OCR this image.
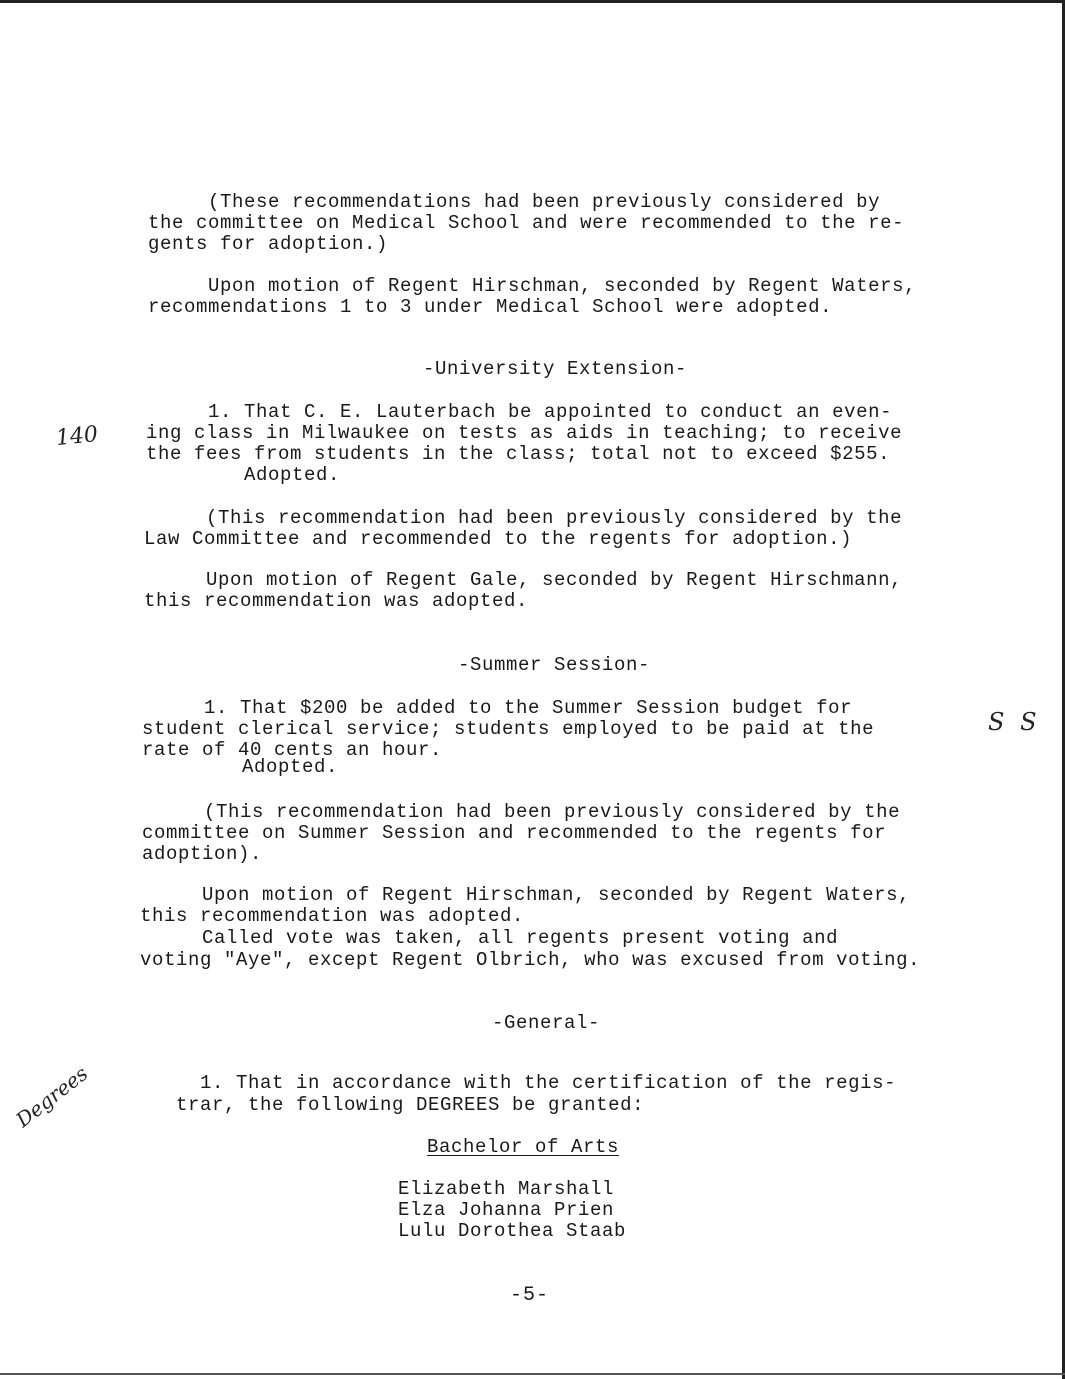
(These recommendations had been previously considered by
the committee on Medical School and were recommended to the re-
gents for adoption.)
Upon motion of Regent Hirschman, seconded by Regent Waters,
recommendations 1 to 3 under Medical School were adopted.
-University Extension-
1. That C. E. Lauterbach be appointed to conduct an even-
ing class in Milwaukee on tests as aids in teaching; to receive
the fees from students in the class; total not to exceed $255.
Adopted.
(This recommendation had been previously considered by the
Law Committee and recommended to the regents for adoption.)
Upon motion of Regent Gale, seconded by Regent Hirschmann,
this recommendation was adopted.
-Summer Session-
1. That $200 be added to the Summer Session budget for
student clerical service; students employed to be paid at the
rate of 40 cents an hour.
Adopted.
(This recommendation had been previously considered by the
committee on Summer Session and recommended to the regents for
adoption).
Upon motion of Regent Hirschman, seconded by Regent Waters,
this recommendation was adopted.
Called vote was taken, all regents present voting and
voting "Aye", except Regent Olbrich, who was excused from voting.
-General-
1. That in accordance with the certification of the regis-
trar, the following DEGREES be granted:
Bachelor of Arts
Elizabeth Marshall
Elza Johanna Prien
Lulu Dorothea Staab
-5-
140
S S
Degrees
